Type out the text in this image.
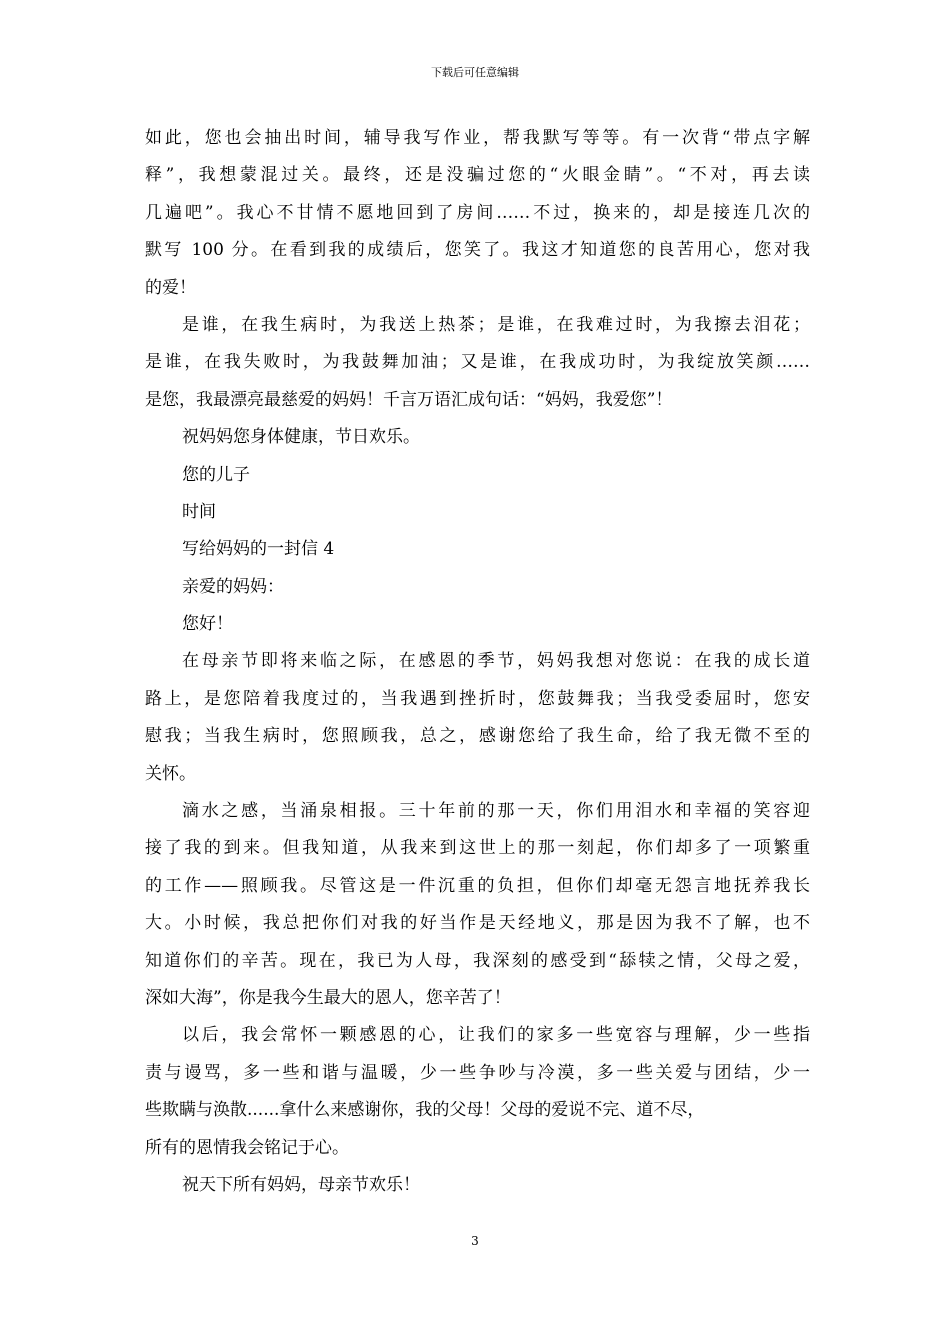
下载后可任意编辑
如此，您也会抽出时间，辅导我写作业，帮我默写等等。有一次背“带点字解
释”，我想蒙混过关。最终，还是没骗过您的“火眼金睛”。“不对，再去读
几遍吧”。我心不甘情不愿地回到了房间……不过，换来的，却是接连几次的
默写 100 分。在看到我的成绩后，您笑了。我这才知道您的良苦用心，您对我
的爱！
是谁，在我生病时，为我送上热茶；是谁，在我难过时，为我擦去泪花；
是谁，在我失败时，为我鼓舞加油；又是谁，在我成功时，为我绽放笑颜……
是您，我最漂亮最慈爱的妈妈！千言万语汇成句话：“妈妈，我爱您”！
祝妈妈您身体健康，节日欢乐。
您的儿子
时间
写给妈妈的一封信 4
亲爱的妈妈：
您好！
在母亲节即将来临之际，在感恩的季节，妈妈我想对您说：在我的成长道
路上，是您陪着我度过的，当我遇到挫折时，您鼓舞我；当我受委屈时，您安
慰我；当我生病时，您照顾我，总之，感谢您给了我生命，给了我无微不至的
关怀。
滴水之感，当涌泉相报。三十年前的那一天，你们用泪水和幸福的笑容迎
接了我的到来。但我知道，从我来到这世上的那一刻起，你们却多了一项繁重
的工作——照顾我。尽管这是一件沉重的负担，但你们却毫无怨言地抚养我长
大。小时候，我总把你们对我的好当作是天经地义，那是因为我不了解，也不
知道你们的辛苦。现在，我已为人母，我深刻的感受到“舔犊之情，父母之爱，
深如大海”，你是我今生最大的恩人，您辛苦了！
以后，我会常怀一颗感恩的心，让我们的家多一些宽容与理解，少一些指
责与谩骂，多一些和谐与温暖，少一些争吵与冷漠，多一些关爱与团结，少一
些欺瞒与涣散......拿什么来感谢你，我的父母！父母的爱说不完、道不尽，
所有的恩情我会铭记于心。
祝天下所有妈妈，母亲节欢乐！
3
